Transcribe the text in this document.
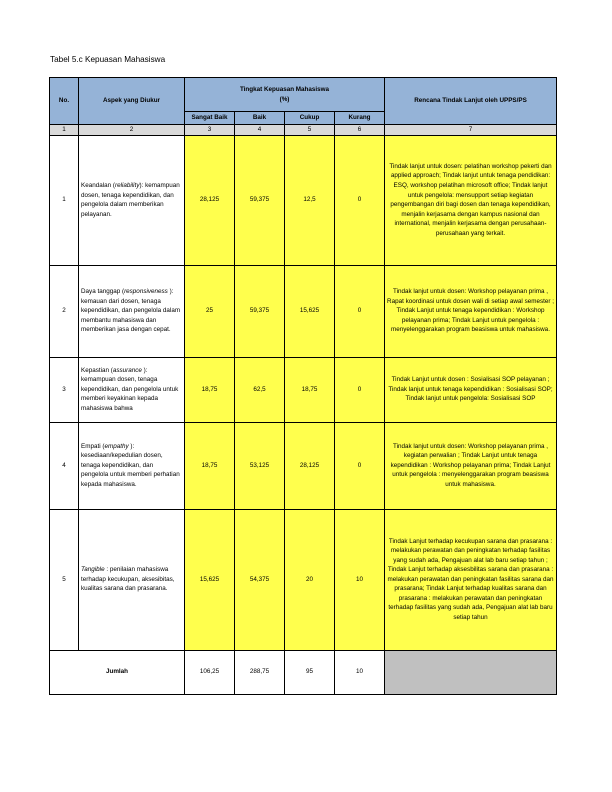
Tabel 5.c Kepuasan Mahasiswa
No.	Aspek yang Diukur	Tingkat Kepuasan Mahasiswa
(%)				Rencana Tindak Lanjut oleh UPPS/PS
		Sangat Baik	Baik	Cukup	Kurang	
1	2	3	4	5	6	7
1	Keandalan (reliability): kemampuan dosen, tenaga kependidikan, dan pengelola dalam memberikan pelayanan.	28,125	59,375	12,5	0	Tindak lanjut untuk dosen: pelatihan workshop pekerti dan applied approach; Tindak lanjut untuk tenaga pendidikan: ESQ, workshop pelatihan microsoft office; Tindak lanjut untuk pengelola: mensupport setiap kegiatan pengembangan diri bagi dosen dan tenaga kependidikan, menjalin kerjasama dengan kampus nasional dan international, menjalin kerjasama dengan perusahaan-perusahaan yang terkait.
2	Daya tanggap (responsiveness ): kemauan dari dosen, tenaga kependidikan, dan pengelola dalam membantu mahasiswa dan memberikan jasa dengan cepat.	25	59,375	15,625	0	Tindak lanjut untuk dosen: Workshop pelayanan prima , Rapat koordinasi untuk dosen wali di setiap awal semester ; Tindak Lanjut untuk tenaga kependidikan : Workshop pelayanan prima; Tindak Lanjut untuk pengelola : menyelenggarakan program beasiswa untuk mahasiswa.
3	Kepastian (assurance ): kemampuan dosen, tenaga kependidikan, dan pengelola untuk memberi keyakinan kepada mahasiswa bahwa	18,75	62,5	18,75	0	Tindak Lanjut untuk dosen : Sosialisasi SOP pelayanan ; Tindak lanjut untuk tenaga kependidikan : Sosialisasi SOP; Tindak lanjut untuk pengelola: Sosialisasi SOP
4	Empati (empathy ): kesediaan/kepedulian dosen, tenaga kependidikan, dan pengelola untuk memberi perhatian kepada mahasiswa.	18,75	53,125	28,125	0	Tindak lanjut untuk dosen: Workshop pelayanan prima , kegiatan perwalian ; Tindak Lanjut untuk tenaga kependidikan : Workshop pelayanan prima; Tindak Lanjut untuk pengelola : menyelenggarakan program beasiswa untuk mahasiswa.
5	Tangible : penilaian mahasiswa terhadap kecukupan, aksesibitas, kualitas sarana dan prasarana.	15,625	54,375	20	10	Tindak Lanjut terhadap kecukupan sarana dan prasarana : melakukan perawatan dan peningkatan terhadap fasilitas yang sudah ada, Pengajuan alat lab baru setiap tahun ; Tindak Lanjut terhadap aksesbilitas sarana dan prasarana : melakukan perawatan dan peningkatan fasilitas sarana dan prasarana; Tindak Lanjut terhadap kualitas sarana dan prasarana : melakukan perawatan dan peningkatan terhadap fasilitas yang sudah ada, Pengajuan alat lab baru setiap tahun
Jumlah		106,25	288,75	95	10	
